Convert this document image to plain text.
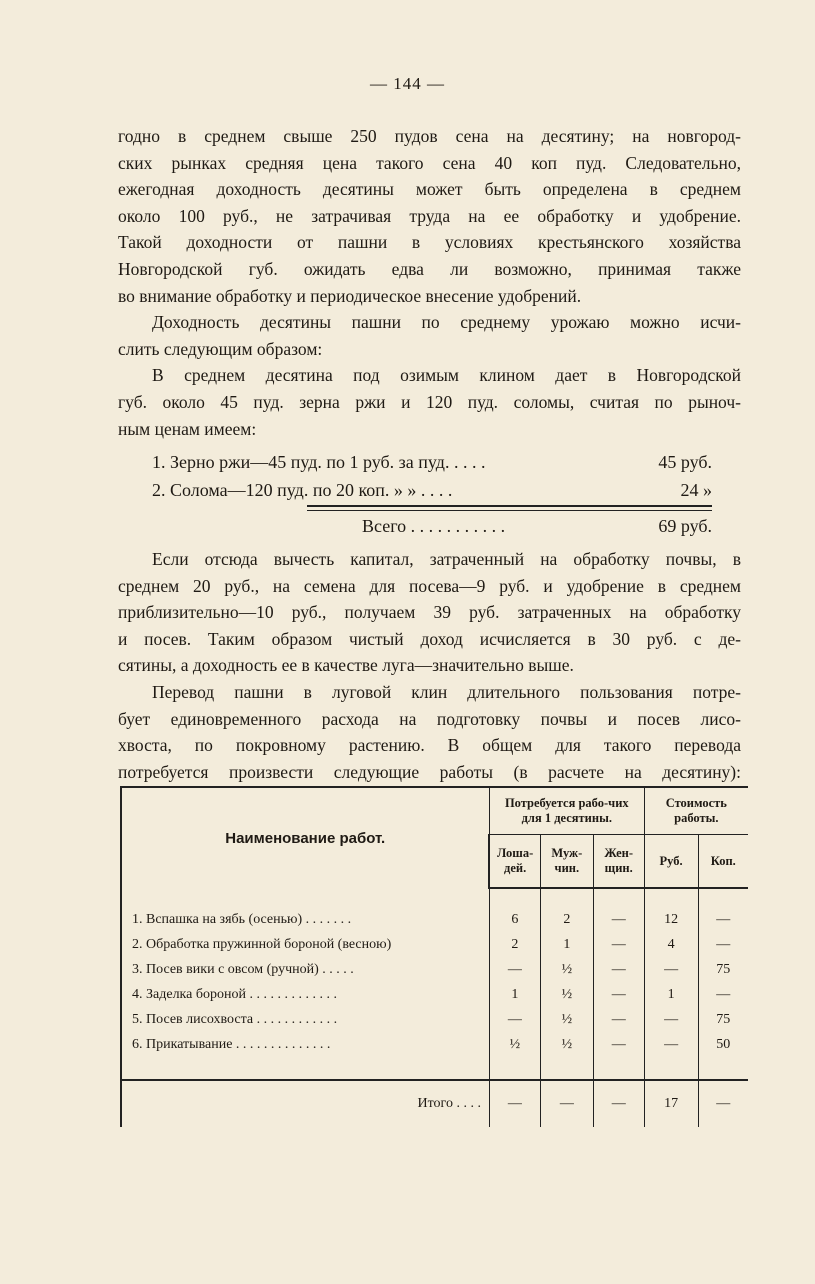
— 144 —
годно в среднем свыше 250 пудов сена на десятину; на новгород-
ских рынках средняя цена такого сена 40 коп пуд. Следовательно,
ежегодная доходность десятины может быть определена в среднем
около 100 руб., не затрачивая труда на ее обработку и удобрение.
Такой доходности от пашни в условиях крестьянского хозяйства
Новгородской губ. ожидать едва ли возможно, принимая также
во внимание обработку и периодическое внесение удобрений.
Доходность десятины пашни по среднему урожаю можно исчи-
слить следующим образом:
В среднем десятина под озимым клином дает в Новгородской
губ. около 45 пуд. зерна ржи и 120 пуд. соломы, считая по рыноч-
ным ценам имеем:
1. Зерно ржи—45 пуд. по 1 руб. за пуд. . . . .	45 руб.
2. Солома—120 пуд. по 20 коп. » » . . . .	24 »
Всего . . . . . . . . . . .	69 руб.
Если отсюда вычесть капитал, затраченный на обработку почвы, в
среднем 20 руб., на семена для посева—9 руб. и удобрение в среднем
приблизительно—10 руб., получаем 39 руб. затраченных на обработку
и посев. Таким образом чистый доход исчисляется в 30 руб. с де-
сятины, а доходность ее в качестве луга—значительно выше.
Перевод пашни в луговой клин длительного пользования потре-
бует единовременного расхода на подготовку почвы и посев лисо-
хвоста, по покровному растению. В общем для такого перевода
потребуется произвести следующие работы (в расчете на десятину):
Наименование работ.	Потребуется рабо-чих для 1 десятины.			Стоимость работы.	
	Лоша-дей.	Муж-чин.	Жен-щин.	Руб.	Коп.

1. Вспашка на зябь (осенью) . . . . . . .	6	2	—	12	—
2. Обработка пружинной бороной (весною)	2	1	—	4	—
3. Посев вики с овсом (ручной) . . . . .	—	½	—	—	75
4. Заделка бороной . . . . . . . . . . . . .	1	½	—	1	—
5. Посев лисохвоста . . . . . . . . . . . .	—	½	—	—	75
6. Прикатывание . . . . . . . . . . . . . .	½	½	—	—	50

Итого . . . .	—	—	—	17	—
